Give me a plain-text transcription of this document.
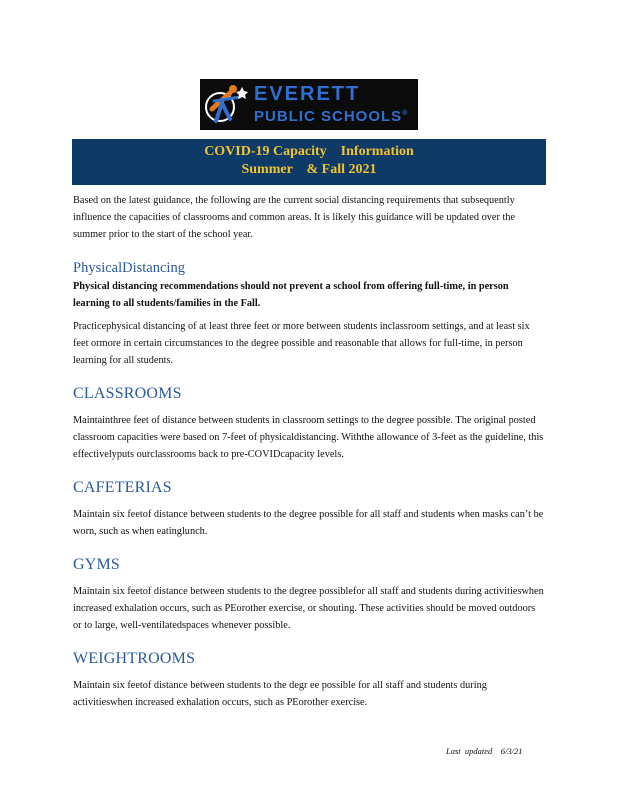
EVERETT
PUBLIC SCHOOLS®
COVID-19 Capacity    Information
Summer    & Fall 2021

Based on the latest guidance, the following are the current social distancing requirements that subsequently influence the capacities of classrooms and common areas. It is likely this guidance will be updated over the summer prior to the start of the school year.

PhysicalDistancing

Physical distancing recommendations should not prevent a school from offering full-time, in person learning to all students/families in the Fall.

Practicephysical distancing of at least three feet or more between students inclassroom settings, and at least six feet ormore in certain circumstances to the degree possible and reasonable that allows for full-time, in person learning for all students.

CLASSROOMS

Maintainthree feet of distance between students in classroom settings to the degree possible. The original posted classroom capacities were based on 7-feet of physicaldistancing. Withthe allowance of 3-feet as the guideline, this effectivelyputs ourclassrooms back to pre-COVIDcapacity levels.

CAFETERIAS

Maintain six feetof distance between students to the degree possible for all staff and students when masks can’t be worn, such as when eatinglunch.

GYMS

Maintain six feetof distance between students to the degree possiblefor all staff and students during activitieswhen increased exhalation occurs, such as PEorother exercise, or shouting. These activities should be moved outdoors or to large, well-ventilatedspaces whenever possible.

WEIGHTROOMS

Maintain six feetof distance between students to the degr ee possible for all staff and students during activitieswhen increased exhalation occurs, such as PEorother exercise.

Last  updated    6/3/21
